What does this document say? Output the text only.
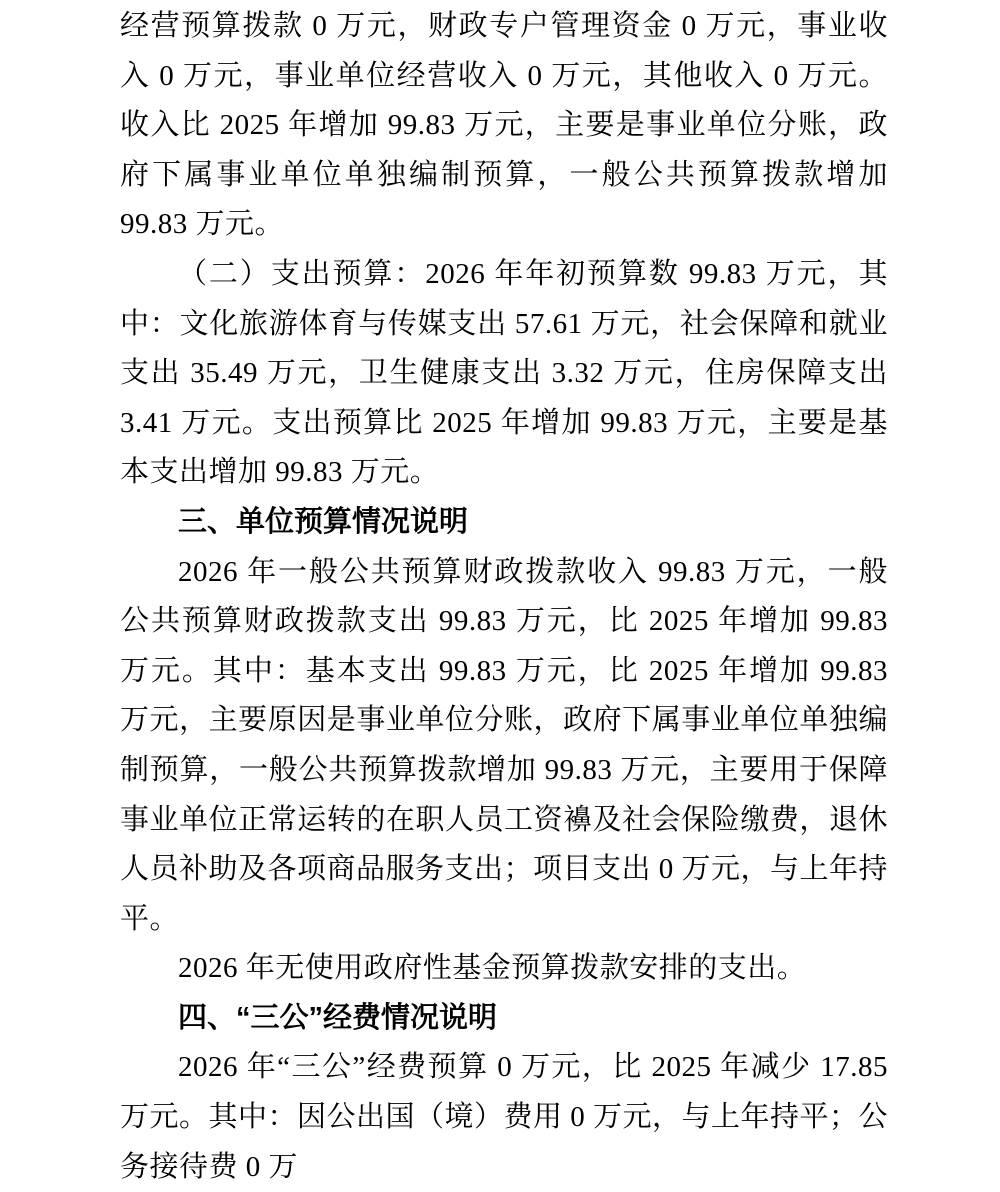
经营预算拨款 0 万元，财政专户管理资金 0 万元，事业收入 0 万元，事业单位经营收入 0 万元，其他收入 0 万元。收入比 2025 年增加 99.83 万元，主要是事业单位分账，政府下属事业单位单独编制预算，一般公共预算拨款增加 99.83 万元。

（二）支出预算：2026 年年初预算数 99.83 万元，其中：文化旅游体育与传媒支出 57.61 万元，社会保障和就业支出 35.49 万元，卫生健康支出 3.32 万元，住房保障支出 3.41 万元。支出预算比 2025 年增加 99.83 万元，主要是基本支出增加 99.83 万元。

三、单位预算情况说明

2026 年一般公共预算财政拨款收入 99.83 万元，一般公共预算财政拨款支出 99.83 万元，比 2025 年增加 99.83 万元。其中：基本支出 99.83 万元，比 2025 年增加 99.83 万元，主要原因是事业单位分账，政府下属事业单位单独编制预算，一般公共预算拨款增加 99.83 万元，主要用于保障事业单位正常运转的在职人员工资襣及社会保险缴费，退休人员补助及各项商品服务支出；项目支出 0 万元，与上年持平。

2026 年无使用政府性基金预算拨款安排的支出。

四、“三公”经费情况说明

2026 年“三公”经费预算 0 万元，比 2025 年减少 17.85 万元。其中：因公出国（境）费用 0 万元，与上年持平；公务接待费 0 万
